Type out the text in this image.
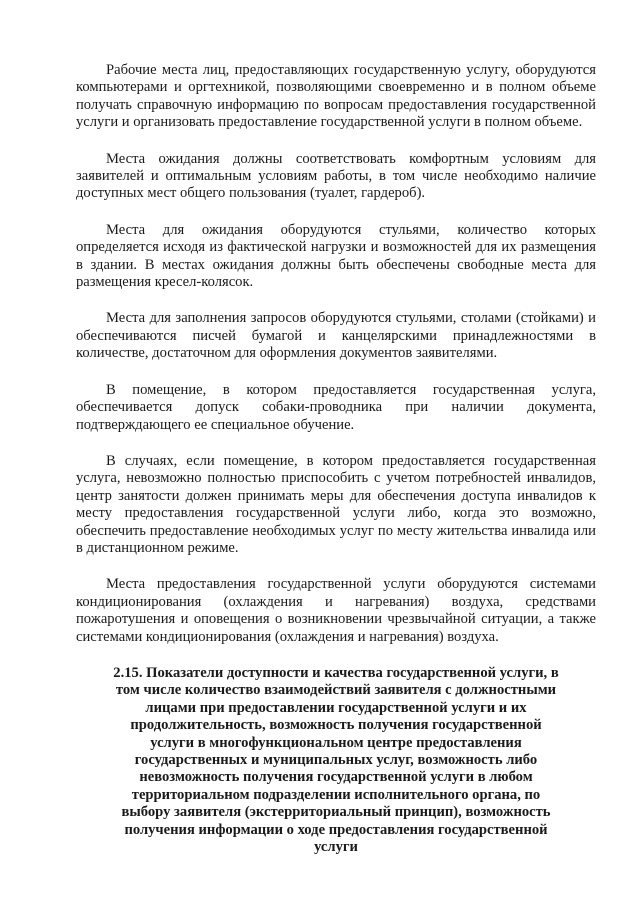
Рабочие места лиц, предоставляющих государственную услугу, оборудуются компьютерами и оргтехникой, позволяющими своевременно и в полном объеме получать справочную информацию по вопросам предоставления государственной услуги и организовать предоставление государственной услуги в полном объеме.

Места ожидания должны соответствовать комфортным условиям для заявителей и оптимальным условиям работы, в том числе необходимо наличие доступных мест общего пользования (туалет, гардероб).

Места для ожидания оборудуются стульями, количество которых определяется исходя из фактической нагрузки и возможностей для их размещения в здании. В местах ожидания должны быть обеспечены свободные места для размещения кресел-колясок.

Места для заполнения запросов оборудуются стульями, столами (стойками) и обеспечиваются писчей бумагой и канцелярскими принадлежностями в количестве, достаточном для оформления документов заявителями.

В помещение, в котором предоставляется государственная услуга, обеспечивается допуск собаки-проводника при наличии документа, подтверждающего ее специальное обучение.

В случаях, если помещение, в котором предоставляется государственная услуга, невозможно полностью приспособить с учетом потребностей инвалидов, центр занятости должен принимать меры для обеспечения доступа инвалидов к месту предоставления государственной услуги либо, когда это возможно, обеспечить предоставление необходимых услуг по месту жительства инвалида или в дистанционном режиме.

Места предоставления государственной услуги оборудуются системами кондиционирования (охлаждения и нагревания) воздуха, средствами пожаротушения и оповещения о возникновении чрезвычайной ситуации, а также системами кондиционирования (охлаждения и нагревания) воздуха.

2.15. Показатели доступности и качества государственной услуги, в том числе количество взаимодействий заявителя с должностными лицами при предоставлении государственной услуги и их продолжительность, возможность получения государственной услуги в многофункциональном центре предоставления государственных и муниципальных услуг, возможность либо невозможность получения государственной услуги в любом территориальном подразделении исполнительного органа, по выбору заявителя (экстерриториальный принцип), возможность получения информации о ходе предоставления государственной услуги
